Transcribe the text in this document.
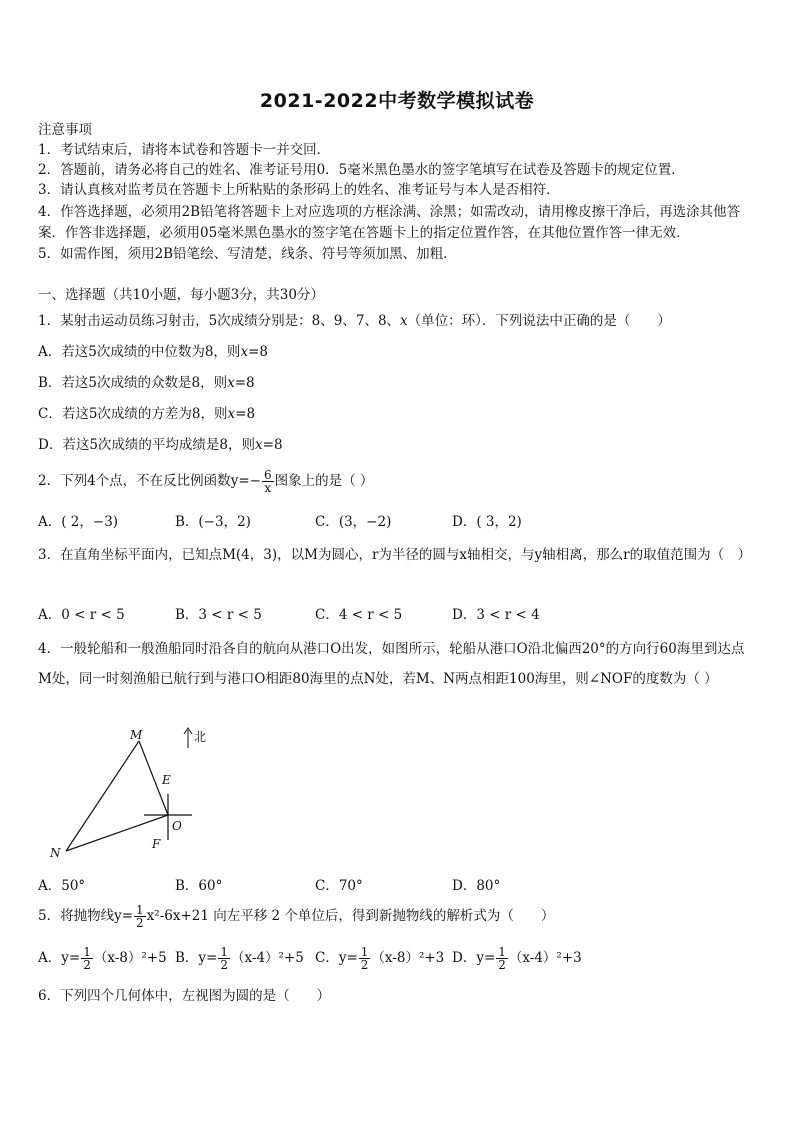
2021-2022中考数学模拟试卷
注意事项
1．考试结束后，请将本试卷和答题卡一并交回．
2．答题前，请务必将自己的姓名、准考证号用0．5毫米黑色墨水的签字笔填写在试卷及答题卡的规定位置．
3．请认真核对监考员在答题卡上所粘贴的条形码上的姓名、准考证号与本人是否相符．
4．作答选择题，必须用2B铅笔将答题卡上对应选项的方框涂满、涂黑；如需改动，请用橡皮擦干净后，再选涂其他答案．作答非选择题，必须用05毫米黑色墨水的签字笔在答题卡上的指定位置作答，在其他位置作答一律无效．
5．如需作图，须用2B铅笔绘、写清楚，线条、符号等须加黑、加粗．
一、选择题（共10小题，每小题3分，共30分）
1．某射击运动员练习射击，5次成绩分别是：8、9、7、8、x（单位：环）．下列说法中正确的是（　　）
A．若这5次成绩的中位数为8，则x=8
B．若这5次成绩的众数是8，则x=8
C．若这5次成绩的方差为8，则x=8
D．若这5次成绩的平均成绩是8，则x=8
2．下列4个点，不在反比例函数$y=- \frac{6}{x}$ 图象上的是（ ）
A．( 2，−3)	B．(−3，2)	C．(3，−2)	D．( 3，2)
3．在直角坐标平面内，已知点M(4，3)，以M为圆心，r为半径的圆与x轴相交，与y轴相离，那么r的取值范围为（　）
A．0 < r < 5	B．3 < r < 5	C．4 < r < 5	D．3 < r < 4
4．一般轮船和一般渔船同时沿各自的航向从港口O出发，如图所示，轮船从港口O沿北偏西20°的方向行60海里到达点M处，同一时刻渔船已航行到与港口O相距80海里的点N处，若M、N两点相距100海里，则∠NOF的度数为（ ）
M
E
O
F
N
北
A．50°	B．60°	C．70°	D．80°
5．将抛物线$y= \frac{1}{2} x^2-6x+21$ 向左平移 2 个单位后，得到新抛物线的解析式为（　　）
A．$y= \frac{1}{2} (x-8)^2+5$ B．$y= \frac{1}{2} (x-4)^2+5$ C．$y= \frac{1}{2} (x-8)^2+3$ D．$y= \frac{1}{2} (x-4)^2+3$
6．下列四个几何体中，左视图为圆的是（　　）
